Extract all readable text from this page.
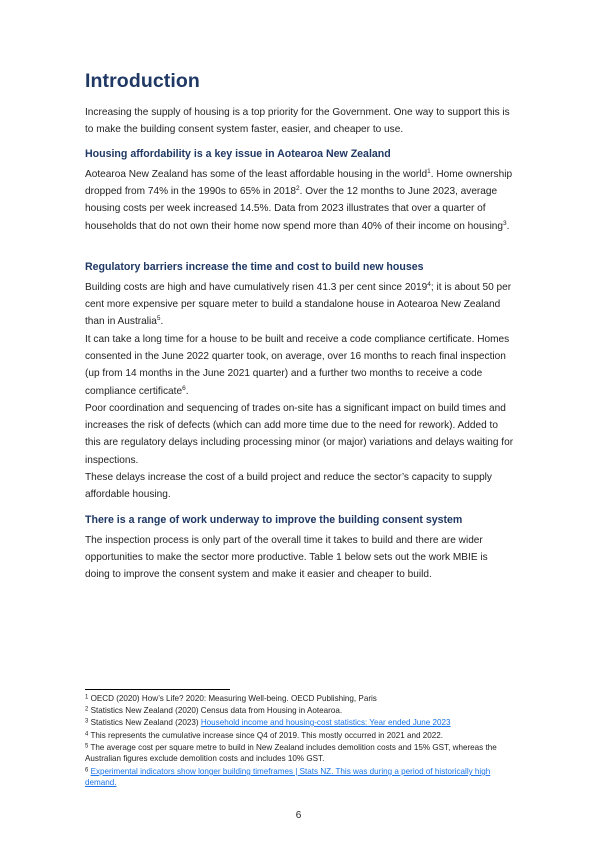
Introduction

Increasing the supply of housing is a top priority for the Government. One way to support this is to make the building consent system faster, easier, and cheaper to use.

Housing affordability is a key issue in Aotearoa New Zealand

Aotearoa New Zealand has some of the least affordable housing in the world$^1$. Home ownership dropped from 74% in the 1990s to 65% in 2018$^2$. Over the 12 months to June 2023, average housing costs per week increased 14.5%. Data from 2023 illustrates that over a quarter of households that do not own their home now spend more than 40% of their income on housing$^3$.

Regulatory barriers increase the time and cost to build new houses

Building costs are high and have cumulatively risen 41.3 per cent since 2019$^4$; it is about 50 per cent more expensive per square meter to build a standalone house in Aotearoa New Zealand than in Australia$^5$.

It can take a long time for a house to be built and receive a code compliance certificate. Homes consented in the June 2022 quarter took, on average, over 16 months to reach final inspection (up from 14 months in the June 2021 quarter) and a further two months to receive a code compliance certificate$^6$.

Poor coordination and sequencing of trades on-site has a significant impact on build times and increases the risk of defects (which can add more time due to the need for rework). Added to this are regulatory delays including processing minor (or major) variations and delays waiting for inspections.

These delays increase the cost of a build project and reduce the sector’s capacity to supply affordable housing.

There is a range of work underway to improve the building consent system

The inspection process is only part of the overall time it takes to build and there are wider opportunities to make the sector more productive. Table 1 below sets out the work MBIE is doing to improve the consent system and make it easier and cheaper to build.

$^1$ OECD (2020) How’s Life? 2020: Measuring Well-being. OECD Publishing, Paris

$^2$ Statistics New Zealand (2020) Census data from Housing in Aotearoa.

$^3$ Statistics New Zealand (2023) Household income and housing-cost statistics: Year ended June 2023

$^4$ This represents the cumulative increase since Q4 of 2019. This mostly occurred in 2021 and 2022.

$^5$ The average cost per square metre to build in New Zealand includes demolition costs and 15% GST, whereas the Australian figures exclude demolition costs and includes 10% GST.

$^6$ Experimental indicators show longer building timeframes | Stats NZ. This was during a period of historically high demand.

6
